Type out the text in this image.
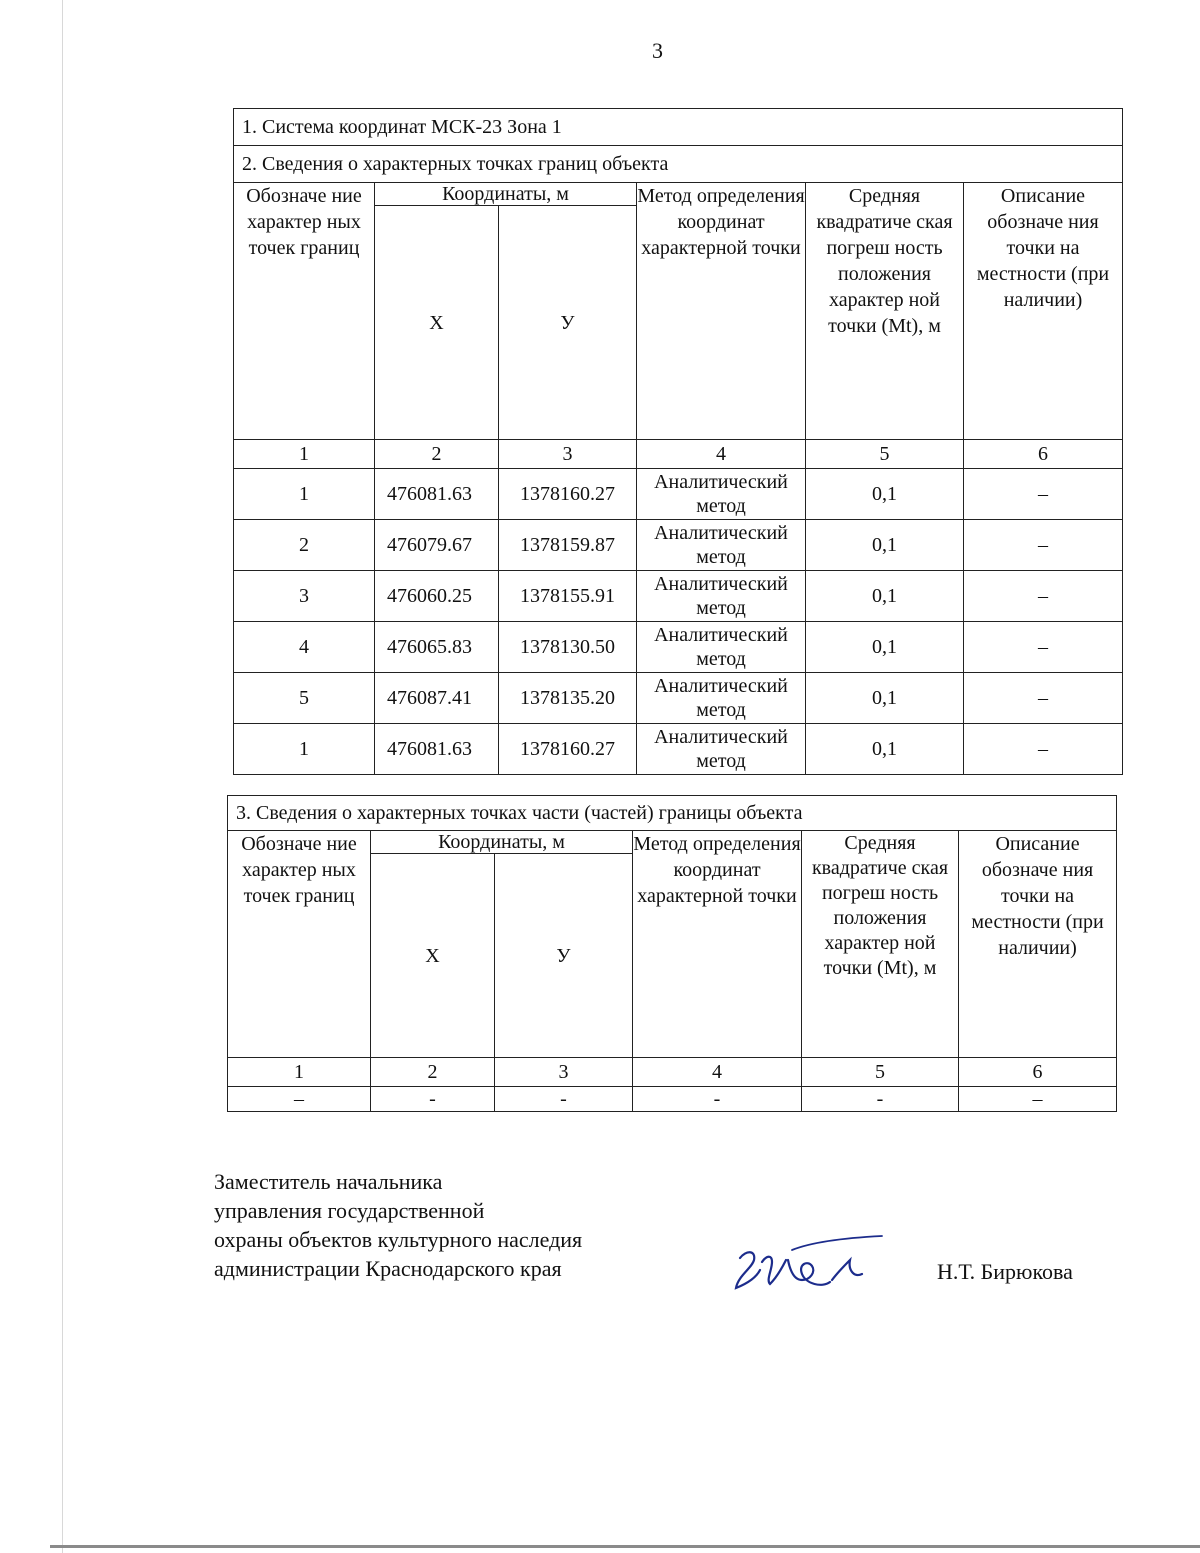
3
1. Система координат МСК-23 Зона 1					
2. Сведения о характерных точках границ объекта					
Обозначе ние характер ных точек границ	Координаты, м		Метод определения координат характерной точки	Средняя квадратиче ская погреш ность положения характер ной точки (Mt), м	Описание обозначе ния точки на местности (при наличии)
	X	У			
1	2	3	4	5	6
1	476081.63	1378160.27	Аналитический метод	0,1	–
2	476079.67	1378159.87	Аналитический метод	0,1	–
3	476060.25	1378155.91	Аналитический метод	0,1	–
4	476065.83	1378130.50	Аналитический метод	0,1	–
5	476087.41	1378135.20	Аналитический метод	0,1	–
1	476081.63	1378160.27	Аналитический метод	0,1	–
3. Сведения о характерных точках части (частей) границы объекта					
Обозначе ние характер ных точек границ	Координаты, м		Метод определения координат характерной точки	Средняя квадратиче ская погреш ность положения характер ной точки (Mt), м	Описание обозначе ния точки на местности (при наличии)
	X	У			
1	2	3	4	5	6
–	-	-	-	-	–
Заместитель начальника
управления государственной
охраны объектов культурного наследия
администрации Краснодарского края	Н.Т. Бирюкова
